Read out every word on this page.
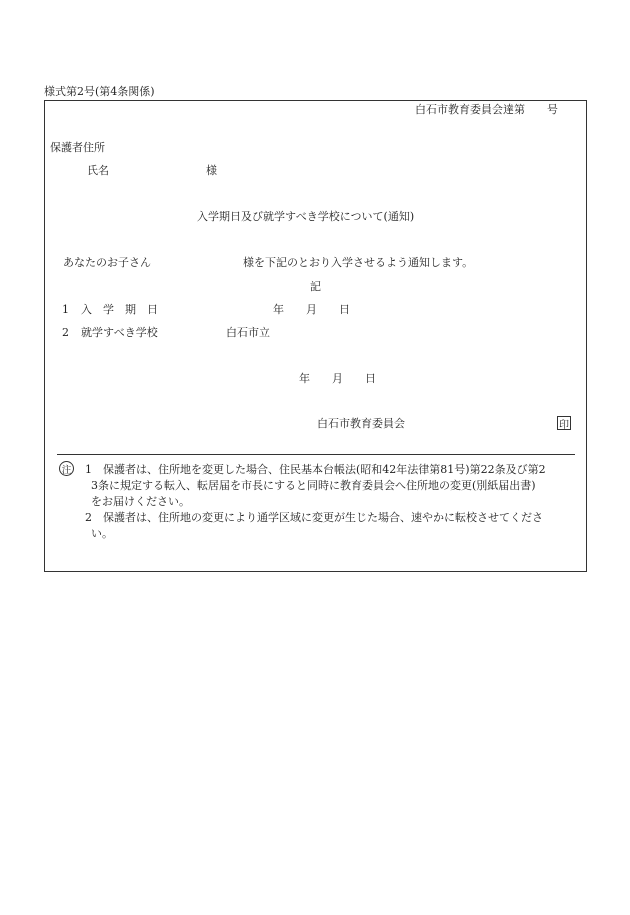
様式第2号(第4条関係)
白石市教育委員会達第　　号
保護者住所
氏名	様
入学期日及び就学すべき学校について(通知)
あなたのお子さん	様を下記のとおり入学させるよう通知します。
記
1 入　学　期　日	年　　月　　日
2 就学すべき学校	白石市立
年　　月　　日
白石市教育委員会	印
注 1 保護者は、住所地を変更した場合、住民基本台帳法(昭和42年法律第81号)第22条及び第2
3条に規定する転入、転居届を市長にすると同時に教育委員会へ住所地の変更(別紙届出書)
をお届けください。
2 保護者は、住所地の変更により通学区域に変更が生じた場合、速やかに転校させてくださ
い。
